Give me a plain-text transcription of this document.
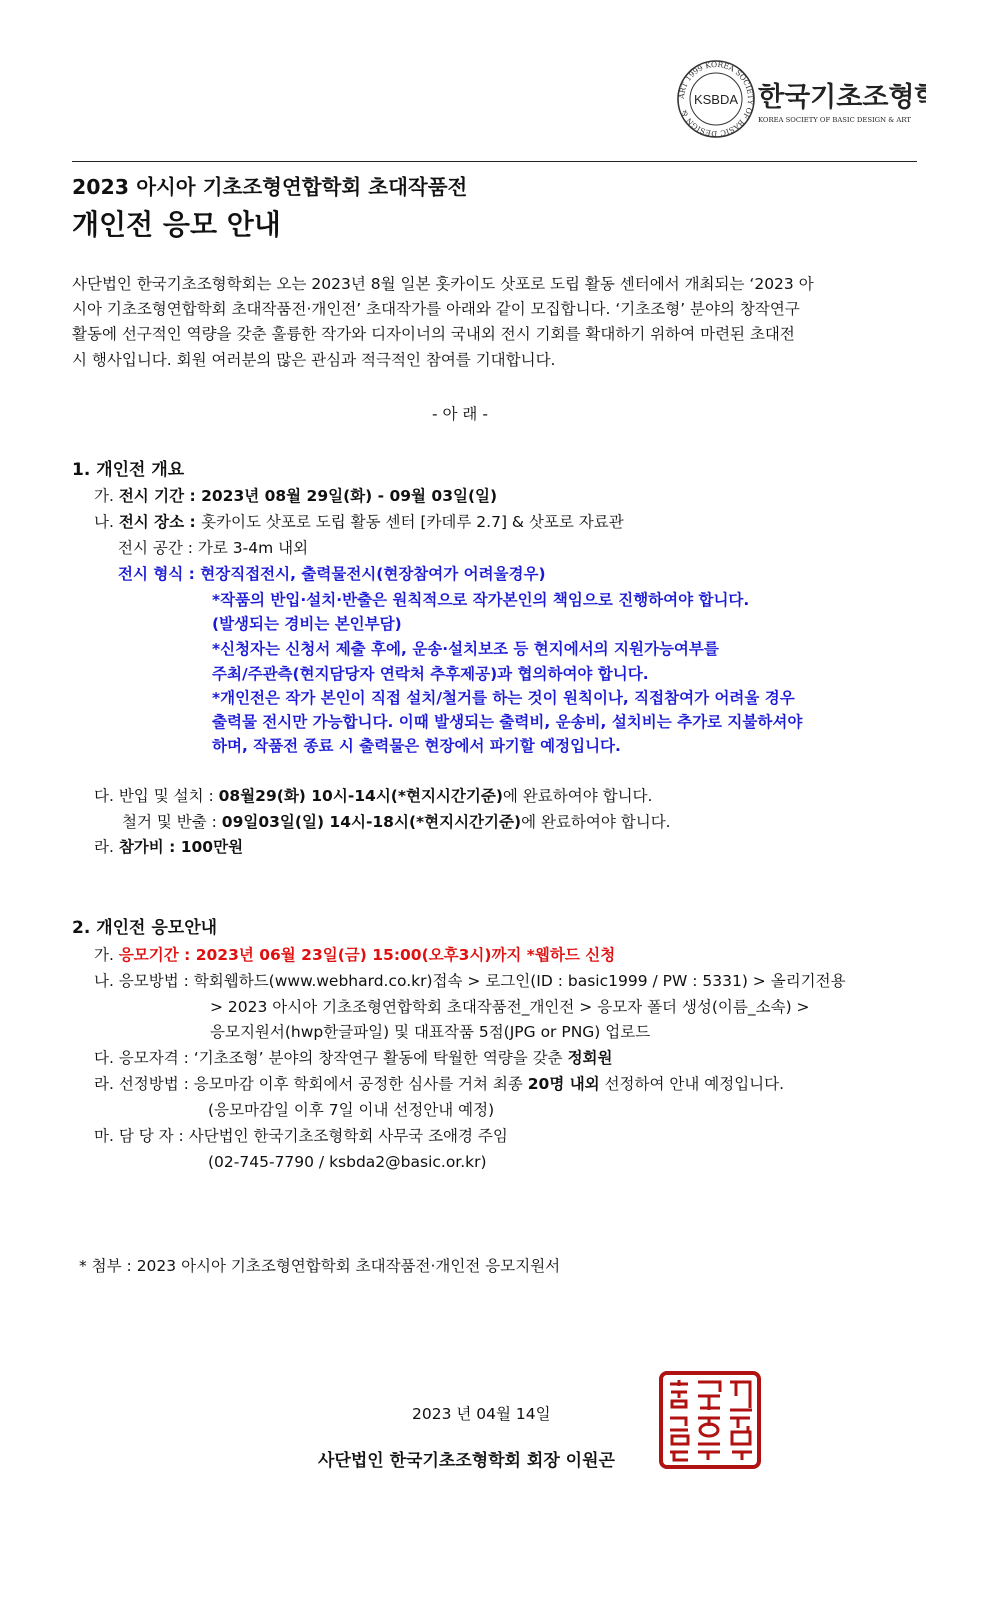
ART 1999 KOREA SOCIETY OF BASIC DESIGN &
KSBDA 한국기초조형
KOREA SOCIETY OF BASIC DESIGN & ART
2023 아시아 기초조형연합학회 초대작품전
개인전 응모 안내
사단법인 한국기초조형학회는 오는 2023년 8월 일본 홋카이도 삿포로 도립 활동 센터에서 개최되는 ‘2023 아
시아 기초조형연합학회 초대작품전·개인전’ 초대작가를 아래와 같이 모집합니다. ‘기초조형’ 분야의 창작연구
활동에 선구적인 역량을 갖춘 훌륭한 작가와 디자이너의 국내외 전시 기회를 확대하기 위하여 마련된 초대전
시 행사입니다. 회원 여러분의 많은 관심과 적극적인 참여를 기대합니다.
- 아 래 -
1. 개인전 개요
가. 전시 기간 : 2023년 08월 29일(화) - 09월 03일(일)
나. 전시 장소 : 홋카이도 삿포로 도립 활동 센터 [카데루 2.7] & 삿포로 자료관
전시 공간 : 가로 3-4m 내외
전시 형식 : 현장직접전시, 출력물전시(현장참여가 어려울경우)
*작품의 반입·설치·반출은 원칙적으로 작가본인의 책임으로 진행하여야 합니다.
(발생되는 경비는 본인부담)
*신청자는 신청서 제출 후에, 운송·설치보조 등 현지에서의 지원가능여부를
주최/주관측(현지담당자 연락처 추후제공)과 협의하여야 합니다.
*개인전은 작가 본인이 직접 설치/철거를 하는 것이 원칙이나, 직접참여가 어려울 경우
출력물 전시만 가능합니다. 이때 발생되는 출력비, 운송비, 설치비는 추가로 지불하셔야
하며, 작품전 종료 시 출력물은 현장에서 파기할 예정입니다.
다. 반입 및 설치 : 08월29(화) 10시-14시(*현지시간기준)에 완료하여야 합니다.
철거 및 반출 : 09일03일(일) 14시-18시(*현지시간기준)에 완료하여야 합니다.
라. 참가비 : 100만원
2. 개인전 응모안내
가. 응모기간 : 2023년 06월 23일(금) 15:00(오후3시)까지 *웹하드 신청
나. 응모방법 : 학회웹하드(www.webhard.co.kr)접속 > 로그인(ID : basic1999 / PW : 5331) > 올리기전용
> 2023 아시아 기초조형연합학회 초대작품전_개인전 > 응모자 폴더 생성(이름_소속) >
응모지원서(hwp한글파일) 및 대표작품 5점(JPG or PNG) 업로드
다. 응모자격 : ‘기초조형’ 분야의 창작연구 활동에 탁월한 역량을 갖춘 정회원
라. 선정방법 : 응모마감 이후 학회에서 공정한 심사를 거쳐 최종 20명 내외 선정하여 안내 예정입니다.
(응모마감일 이후 7일 이내 선정안내 예정)
마. 담 당 자 : 사단법인 한국기초조형학회 사무국 조애경 주임
(02-745-7790 / ksbda2@basic.or.kr)
* 첨부 : 2023 아시아 기초조형연합학회 초대작품전·개인전 응모지원서
2023 년 04월 14일
사단법인 한국기초조형학회 회장 이원곤	한국기초조형학회
